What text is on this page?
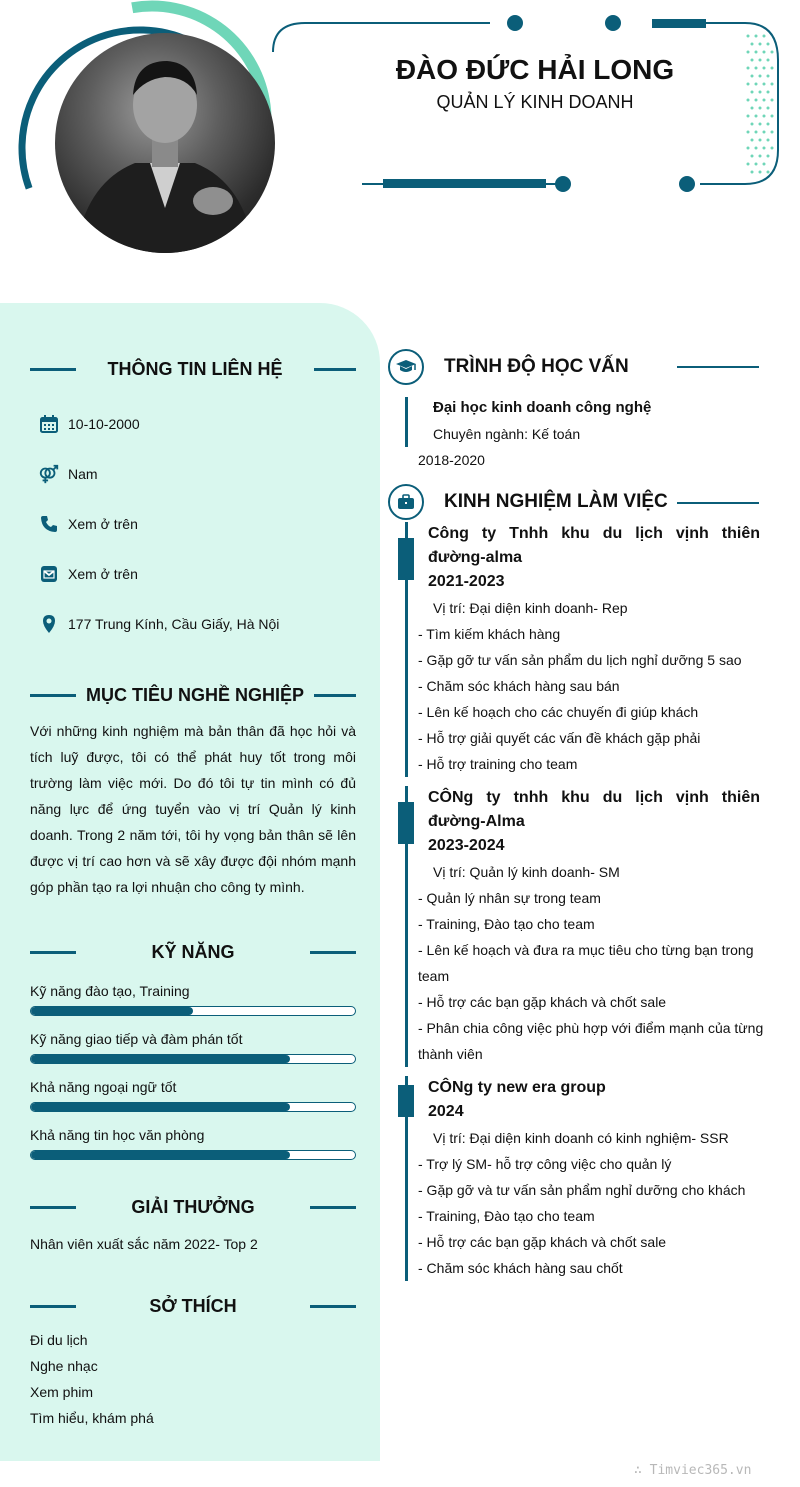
ĐÀO ĐỨC HẢI LONG
QUẢN LÝ KINH DOANH
THÔNG TIN LIÊN HỆ
10-10-2000
Nam
Xem ở trên
Xem ở trên
177 Trung Kính, Cầu Giấy, Hà Nội
MỤC TIÊU NGHỀ NGHIỆP
Với những kinh nghiệm mà bản thân đã học hỏi và tích luỹ được, tôi có thể phát huy tốt trong môi trường làm việc mới. Do đó tôi tự tin mình có đủ năng lực để ứng tuyển vào vị trí Quản lý kinh doanh. Trong 2 năm tới, tôi hy vọng bản thân sẽ lên được vị trí cao hơn và sẽ xây được đội nhóm mạnh góp phần tạo ra lợi nhuận cho công ty mình.
KỸ NĂNG
Kỹ năng đào tạo, Training
Kỹ năng giao tiếp và đàm phán tốt
Khả năng ngoại ngữ tốt
Khả năng tin học văn phòng
GIẢI THƯỞNG
Nhân viên xuất sắc năm 2022- Top 2
SỞ THÍCH
Đi du lịch
Nghe nhạc
Xem phim
Tìm hiểu, khám phá
TRÌNH ĐỘ HỌC VẤN
Đại học kinh doanh công nghệ
Chuyên ngành: Kế toán
2018-2020
KINH NGHIỆM LÀM VIỆC
Công ty Tnhh khu du lịch vịnh thiên đường-alma
2021-2023
Vị trí: Đại diện kinh doanh- Rep
- Tìm kiếm khách hàng
- Gặp gỡ tư vấn sản phẩm du lịch nghỉ dưỡng 5 sao
- Chăm sóc khách hàng sau bán
- Lên kế hoạch cho các chuyến đi giúp khách
- Hỗ trợ giải quyết các vấn đề khách gặp phải
- Hỗ trợ training cho team
CÔNg ty tnhh khu du lịch vịnh thiên đường-Alma
2023-2024
Vị trí: Quản lý kinh doanh- SM
- Quản lý nhân sự trong team
- Training, Đào tạo cho team
- Lên kế hoạch và đưa ra mục tiêu cho từng bạn trong
team
- Hỗ trợ các bạn gặp khách và chốt sale
- Phân chia công việc phù hợp với điểm mạnh của từng
thành viên
CÔNg ty new era group
2024
Vị trí: Đại diện kinh doanh có kinh nghiệm- SSR
- Trợ lý SM- hỗ trợ công việc cho quản lý
- Gặp gỡ và tư vấn sản phẩm nghỉ dưỡng cho khách
- Training, Đào tạo cho team
- Hỗ trợ các bạn gặp khách và chốt sale
- Chăm sóc khách hàng sau chốt
∴ Timviec365.vn
